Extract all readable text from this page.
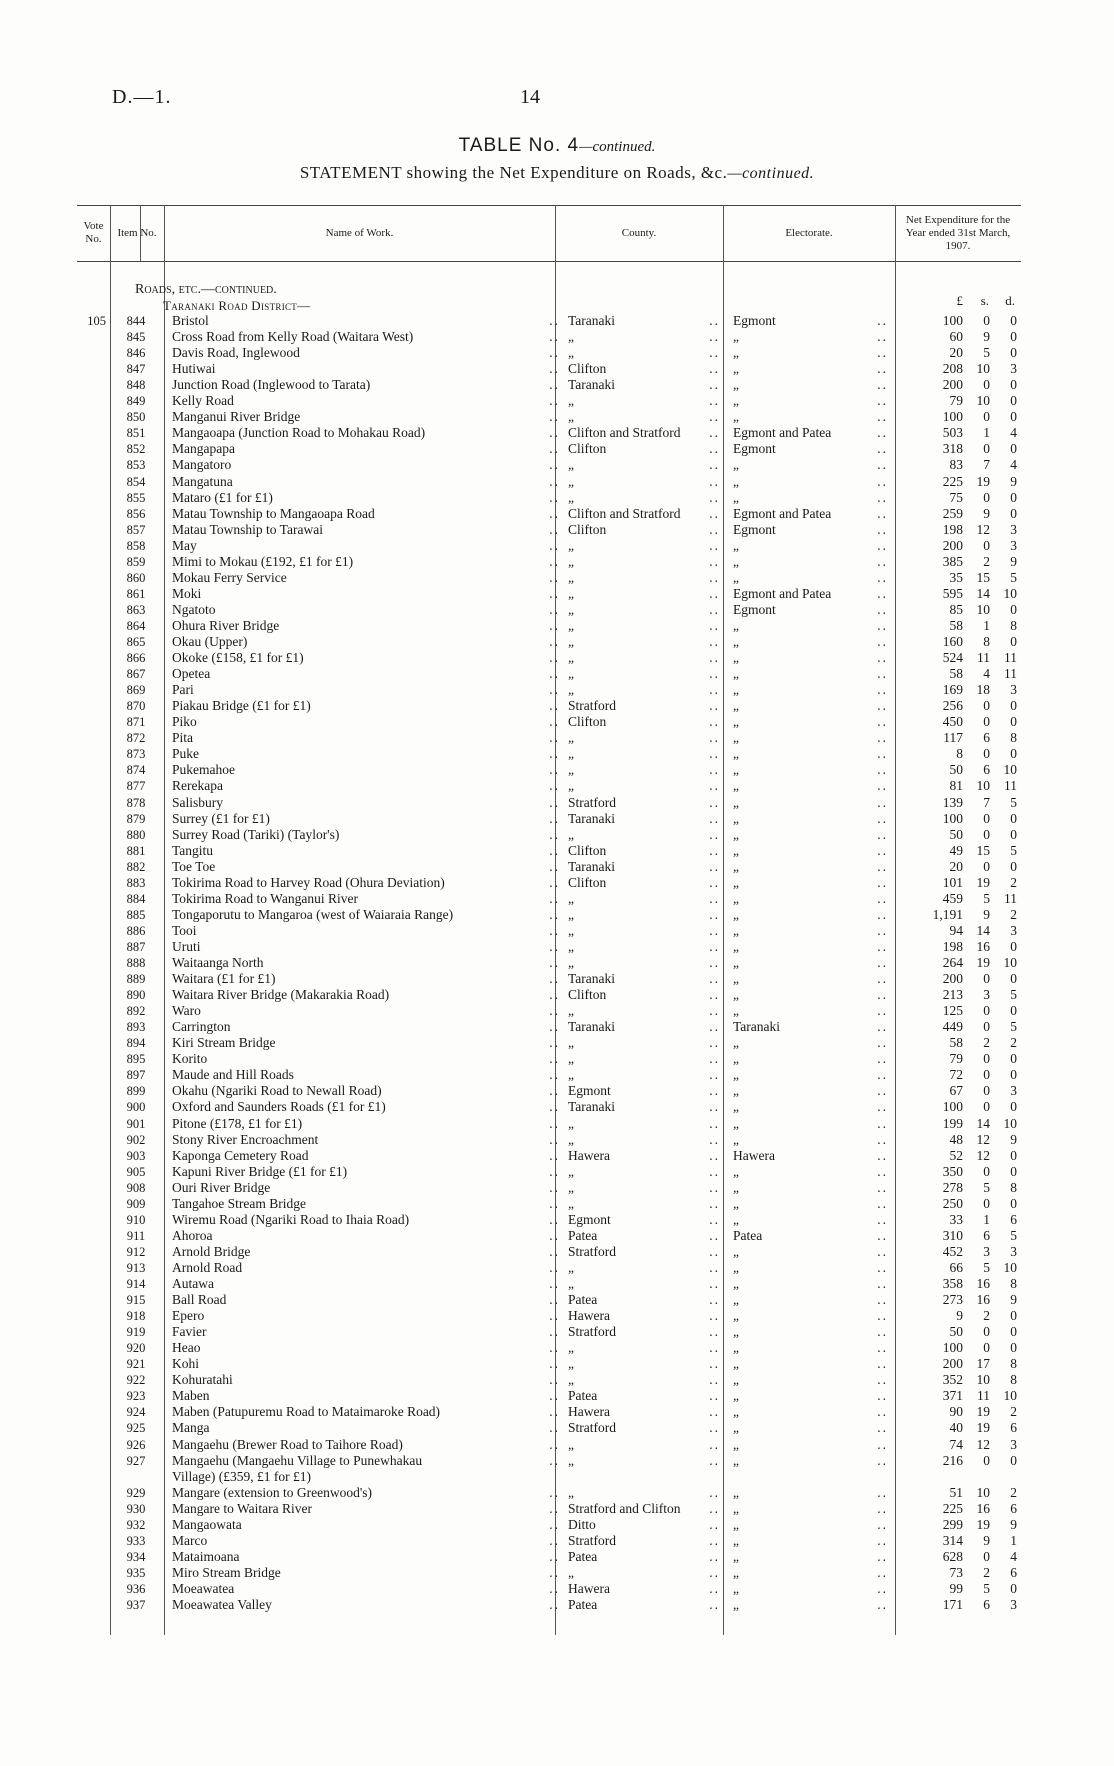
D.—1.	14
TABLE No. 4—continued.
STATEMENT showing the Net Expenditure on Roads, &c.—continued.
Vote No.
Item No.	Name of Work.	County.	Electorate.
Net Expenditure for the Year ended 31st March, 1907.
Roads, etc.—continued.
Taranaki Road District—	£	s.	d.
105	844	Bristol	.. Taranaki	.. Egmont	..	100	0	0
845	Cross Road from Kelly Road (Waitara West)	.. „	.. „	..	60	9	0
846	Davis Road, Inglewood	.. „	.. „	..	20	5	0
847	Hutiwai	.. Clifton	.. „	..	208	10	3
848	Junction Road (Inglewood to Tarata)	.. Taranaki	.. „	..	200	0	0
849	Kelly Road	.. „	.. „	..	79	10	0
850	Manganui River Bridge	.. „	.. „	..	100	0	0
851	Mangaoapa (Junction Road to Mohakau Road)	.. Clifton and Stratford .. Egmont and Patea	..	503	1	4
852	Mangapapa	.. Clifton	.. Egmont	..	318	0	0
853	Mangatoro	.. „	.. „	..	83	7	4
854	Mangatuna	.. „	.. „	..	225	19	9
855	Mataro (£1 for £1)	.. „	.. „	..	75	0	0
856	Matau Township to Mangaoapa Road	.. Clifton and Stratford .. Egmont and Patea	..	259	9	0
857	Matau Township to Tarawai	.. Clifton	.. Egmont	..	198	12	3
858	May	.. „	.. „	..	200	0	3
859	Mimi to Mokau (£192, £1 for £1)	.. „	.. „	..	385	2	9
860	Mokau Ferry Service	.. „	.. „	..	35	15	5
861	Moki	.. „	.. Egmont and Patea	..	595	14	10
863	Ngatoto	.. „	.. Egmont	..	85	10	0
864	Ohura River Bridge	.. „	.. „	..	58	1	8
865	Okau (Upper)	.. „	.. „	..	160	8	0
866	Okoke (£158, £1 for £1)	.. „	.. „	..	524	11	11
867	Opetea	.. „	.. „	..	58	4	11
869	Pari	.. „	.. „	..	169	18	3
870	Piakau Bridge (£1 for £1)	.. Stratford	.. „	..	256	0	0
871	Piko	.. Clifton	.. „	..	450	0	0
872	Pita	.. „	.. „	..	117	6	8
873	Puke	.. „	.. „	..	8	0	0
874	Pukemahoe	.. „	.. „	..	50	6	10
877	Rerekapa	.. „	.. „	..	81	10	11
878	Salisbury	.. Stratford	.. „	..	139	7	5
879	Surrey (£1 for £1)	.. Taranaki	.. „	..	100	0	0
880	Surrey Road (Tariki) (Taylor's)	.. „	.. „	..	50	0	0
881	Tangitu	.. Clifton	.. „	..	49	15	5
882	Toe Toe	.. Taranaki	.. „	..	20	0	0
883	Tokirima Road to Harvey Road (Ohura Deviation)	.. Clifton	.. „	..	101	19	2
884	Tokirima Road to Wanganui River	.. „	.. „	..	459	5	11
885	Tongaporutu to Mangaroa (west of Waiaraia Range)	.. „	.. „	..	1,191	9	2
886	Tooi	.. „	.. „	..	94	14	3
887	Uruti	.. „	.. „	..	198	16	0
888	Waitaanga North	.. „	.. „	..	264	19	10
889	Waitara (£1 for £1)	.. Taranaki	.. „	..	200	0	0
890	Waitara River Bridge (Makarakia Road)	.. Clifton	.. „	..	213	3	5
892	Waro	.. „	.. „	..	125	0	0
893	Carrington	.. Taranaki	.. Taranaki	..	449	0	5
894	Kiri Stream Bridge	.. „	.. „	..	58	2	2
895	Korito	.. „	.. „	..	79	0	0
897	Maude and Hill Roads	.. „	.. „	..	72	0	0
899	Okahu (Ngariki Road to Newall Road)	.. Egmont	.. „	..	67	0	3
900	Oxford and Saunders Roads (£1 for £1)	.. Taranaki	.. „	..	100	0	0
901	Pitone (£178, £1 for £1)	.. „	.. „	..	199	14	10
902	Stony River Encroachment	.. „	.. „	..	48	12	9
903	Kaponga Cemetery Road	.. Hawera	.. Hawera	..	52	12	0
905	Kapuni River Bridge (£1 for £1)	.. „	.. „	..	350	0	0
908	Ouri River Bridge	.. „	.. „	..	278	5	8
909	Tangahoe Stream Bridge	.. „	.. „	..	250	0	0
910	Wiremu Road (Ngariki Road to Ihaia Road)	.. Egmont	.. „	..	33	1	6
911	Ahoroa	.. Patea	.. Patea	..	310	6	5
912	Arnold Bridge	.. Stratford	.. „	..	452	3	3
913	Arnold Road	.. „	.. „	..	66	5	10
914	Autawa	.. „	.. „	..	358	16	8
915	Ball Road	.. Patea	.. „	..	273	16	9
918	Epero	.. Hawera	.. „	..	9	2	0
919	Favier	.. Stratford	.. „	..	50	0	0
920	Heao	.. „	.. „	..	100	0	0
921	Kohi	.. „	.. „	..	200	17	8
922	Kohuratahi	.. „	.. „	..	352	10	8
923	Maben	.. Patea	.. „	..	371	11	10
924	Maben (Patupuremu Road to Mataimaroke Road)	.. Hawera	.. „	..	90	19	2
925	Manga	.. Stratford	.. „	..	40	19	6
926	Mangaehu (Brewer Road to Taihore Road)	.. „	.. „	..	74	12	3
927	Mangaehu (Mangaehu Village to Punewhakau	.. „	.. „	..	216	0	0
Village) (£359, £1 for £1)
929	Mangare (extension to Greenwood's)	.. „	.. „	..	51	10	2
930	Mangare to Waitara River	.. Stratford and Clifton .. „	..	225	16	6
932	Mangaowata	.. Ditto	.. „	..	299	19	9
933	Marco	.. Stratford	.. „	..	314	9	1
934	Mataimoana	.. Patea	.. „	..	628	0	4
935	Miro Stream Bridge	.. „	.. „	..	73	2	6
936	Moeawatea	.. Hawera	.. „	..	99	5	0
937	Moeawatea Valley	.. Patea	.. „	..	171	6	3
